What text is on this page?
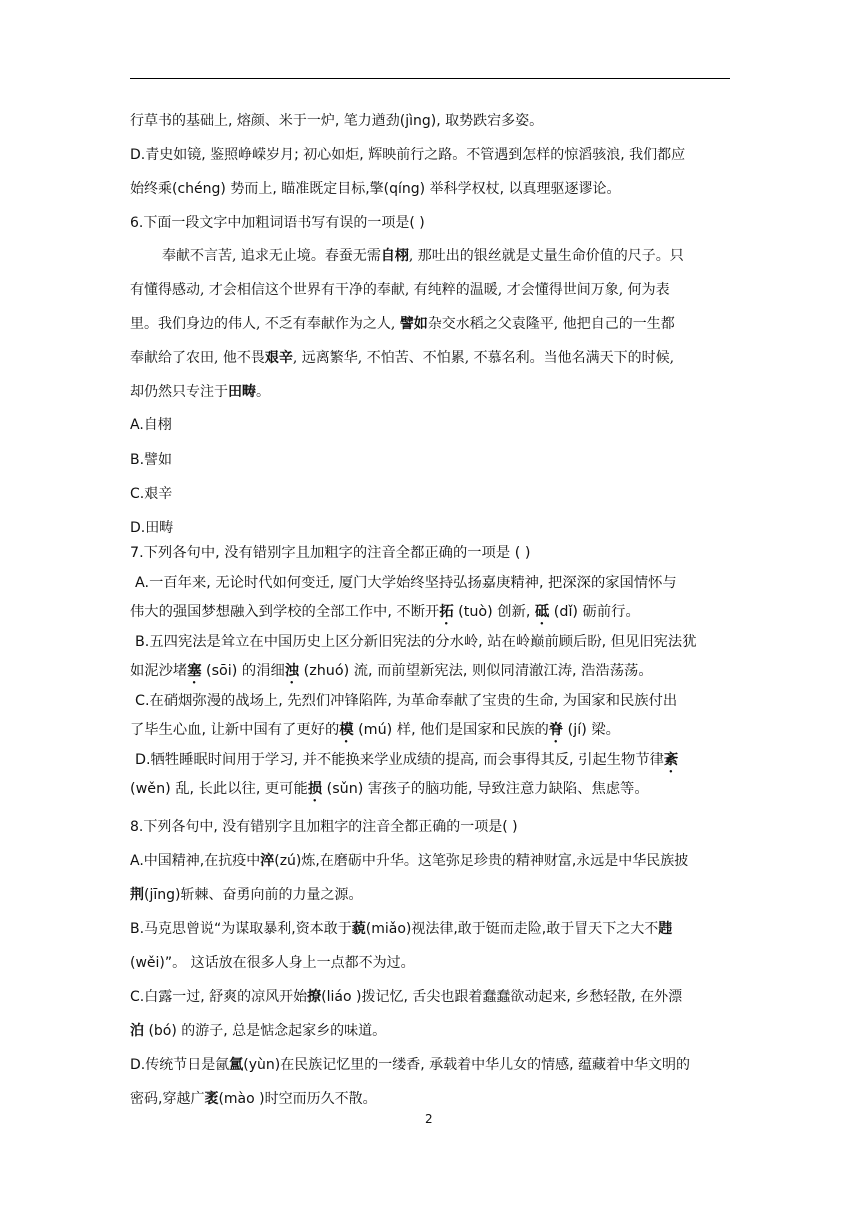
行草书的基础上, 熔颜、米于一炉, 笔力遒劲(jìng), 取势跌宕多姿。
D.青史如镜, 鉴照峥嵘岁月; 初心如炬, 辉映前行之路。不管遇到怎样的惊滔骇浪, 我们都应
始终乘(chéng) 势而上, 瞄准既定目标,擎(qíng) 举科学权杖, 以真理驱逐谬论。
6.下面一段文字中加粗词语书写有误的一项是( )
奉献不言苦, 追求无止境。春蚕无需自栩, 那吐出的银丝就是丈量生命价值的尺子。只
有懂得感动, 才会相信这个世界有干净的奉献, 有纯粹的温暖, 才会懂得世间万象, 何为表
里。我们身边的伟人, 不乏有奉献作为之人, 譬如杂交水稻之父袁隆平, 他把自己的一生都
奉献给了农田, 他不畏艰辛, 远离繁华, 不怕苦、不怕累, 不慕名利。当他名满天下的时候,
却仍然只专注于田畴。
A.自栩
B.譬如
C.艰辛
D.田畴
7.下列各句中, 没有错别字且加粗字的注音全都正确的一项是 ( )
A.一百年来, 无论时代如何变迁, 厦门大学始终坚持弘扬嘉庚精神, 把深深的家国情怀与
伟大的强国梦想融入到学校的全部工作中, 不断开拓 (tuò) 创新, 砥 (dǐ) 砺前行。
B.五四宪法是耸立在中国历史上区分新旧宪法的分水岭, 站在岭巅前顾后盼, 但见旧宪法犹
如泥沙堵塞 (sōi) 的涓细浊 (zhuó) 流, 而前望新宪法, 则似同清澈江涛, 浩浩荡荡。
C.在硝烟弥漫的战场上, 先烈们冲锋陷阵, 为革命奉献了宝贵的生命, 为国家和民族付出
了毕生心血, 让新中国有了更好的模 (mú) 样, 他们是国家和民族的脊 (jí) 梁。
D.牺牲睡眠时间用于学习, 并不能换来学业成绩的提高, 而会事得其反, 引起生物节律紊
(wěn) 乱, 长此以往, 更可能损 (sǔn) 害孩子的脑功能, 导致注意力缺陷、焦虑等。
8.下列各句中, 没有错别字且加粗字的注音全都正确的一项是( )
A.中国精神,在抗疫中淬(zú)炼,在磨砺中升华。这笔弥足珍贵的精神财富,永远是中华民族披
荆(jīng)斩棘、奋勇向前的力量之源。
B.马克思曾说“为谋取暴利,资本敢于藐(miǎo)视法律,敢于铤而走险,敢于冒天下之大不韪
(wěi)”。 这话放在很多人身上一点都不为过。
C.白露一过, 舒爽的凉风开始撩(liáo )拨记忆, 舌尖也跟着蠢蠢欲动起来, 乡愁轻散, 在外漂
泊 (bó) 的游子, 总是惦念起家乡的味道。
D.传统节日是氤氲(yùn)在民族记忆里的一缕香, 承载着中华儿女的情感, 蕴藏着中华文明的
密码,穿越广袤(mào )时空而历久不散。
2
